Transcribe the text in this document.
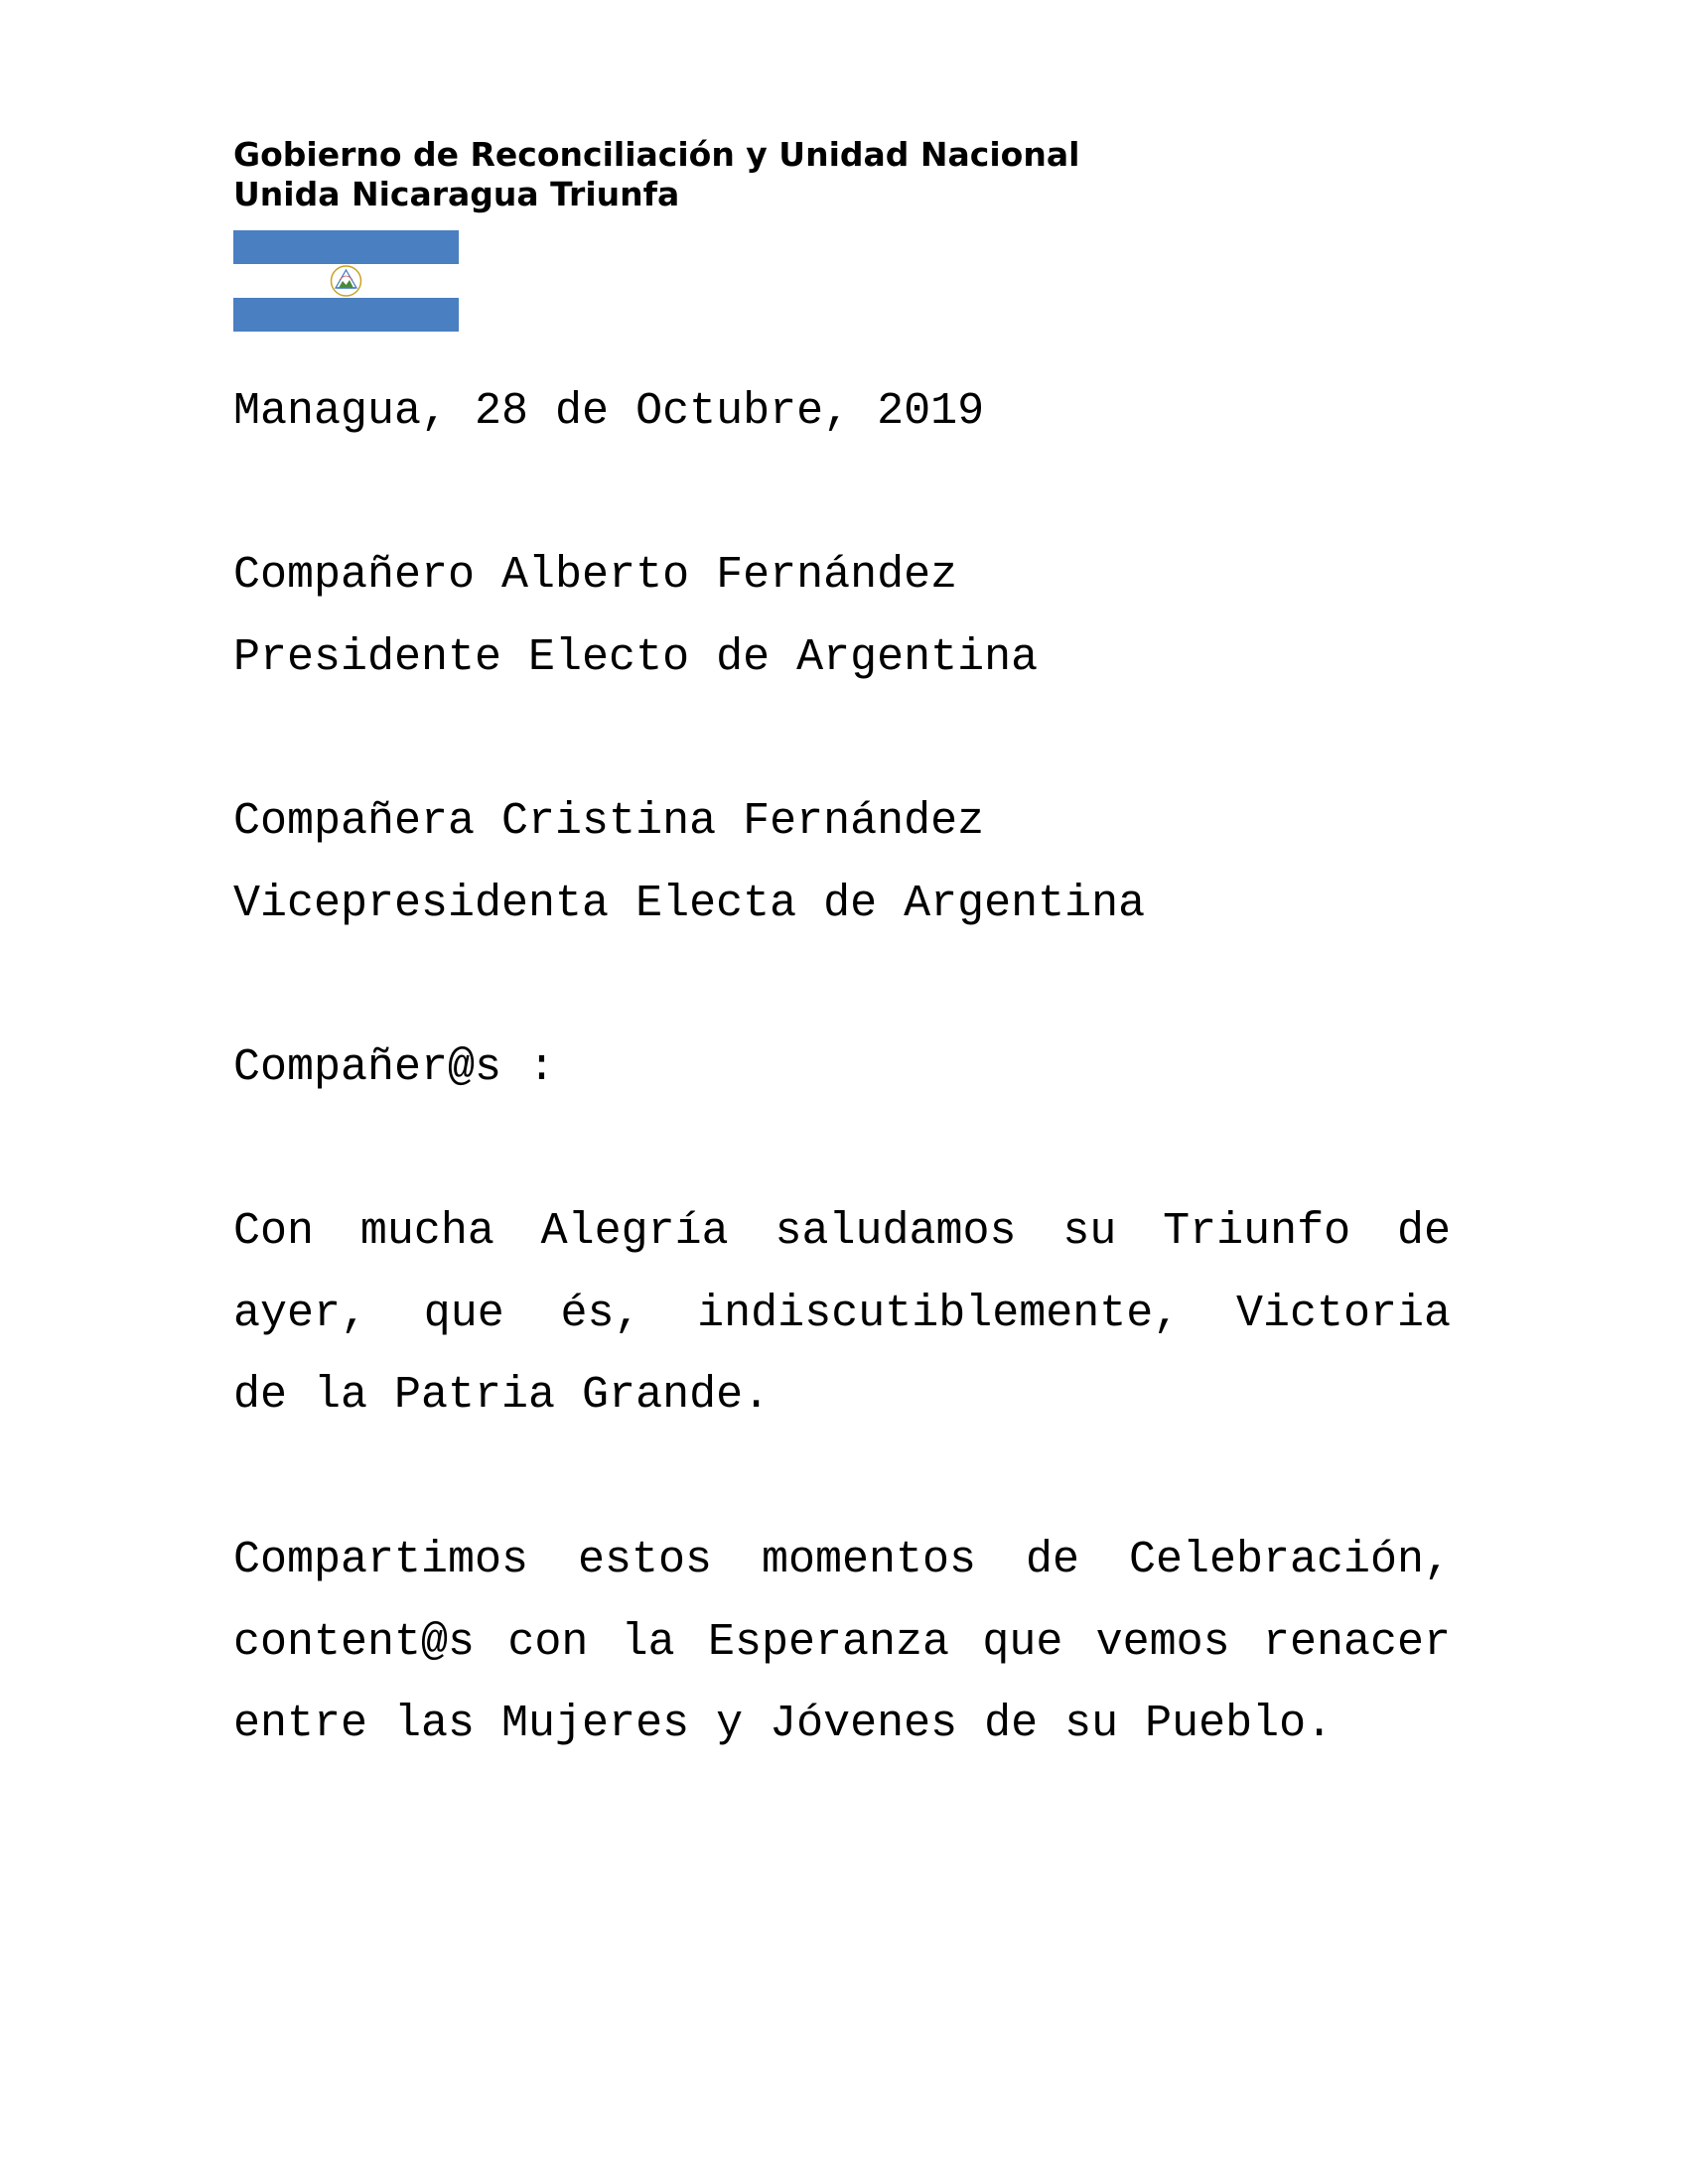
Gobierno de Reconciliación y Unidad Nacional
Unida Nicaragua Triunfa
Managua, 28 de Octubre, 2019
Compañero Alberto Fernández
Presidente Electo de Argentina
Compañera Cristina Fernández
Vicepresidenta Electa de Argentina
Compañer@s :
Con mucha Alegría saludamos su Triunfo de
ayer, que és, indiscutiblemente, Victoria
de la Patria Grande.
Compartimos estos momentos de Celebración,
content@s con la Esperanza que vemos renacer
entre las Mujeres y Jóvenes de su Pueblo.
